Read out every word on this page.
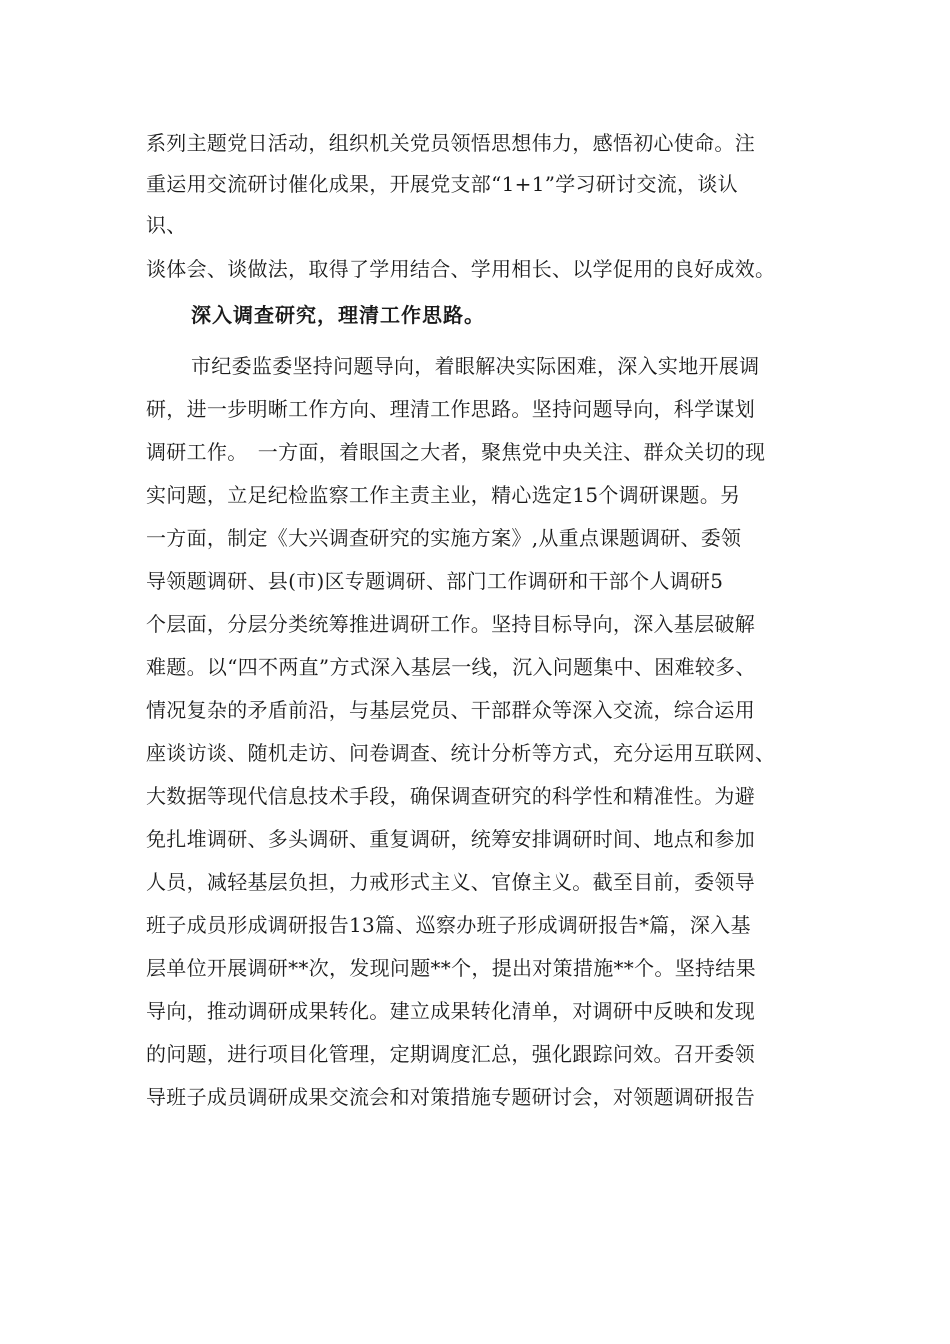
系列主题党日活动，组织机关党员领悟思想伟力，感悟初心使命。注
重运用交流研讨催化成果，开展党支部“1+1”学习研讨交流，谈认
识、
谈体会、谈做法，取得了学用结合、学用相长、以学促用的良好成效。
深入调查研究，理清工作思路。
市纪委监委坚持问题导向，着眼解决实际困难，深入实地开展调
研，进一步明晰工作方向、理清工作思路。坚持问题导向，科学谋划
调研工作。　一方面，着眼国之大者，聚焦党中央关注、群众关切的现
实问题，立足纪检监察工作主责主业，精心选定15个调研课题。另
一方面，制定《大兴调查研究的实施方案》,从重点课题调研、委领
导领题调研、县(市)区专题调研、部门工作调研和干部个人调研5
个层面，分层分类统筹推进调研工作。坚持目标导向，深入基层破解
难题。以“四不两直”方式深入基层一线，沉入问题集中、困难较多、
情况复杂的矛盾前沿，与基层党员、干部群众等深入交流，综合运用
座谈访谈、随机走访、问卷调查、统计分析等方式，充分运用互联网、
大数据等现代信息技术手段，确保调查研究的科学性和精准性。为避
免扎堆调研、多头调研、重复调研，统筹安排调研时间、地点和参加
人员，减轻基层负担，力戒形式主义、官僚主义。截至目前，委领导
班子成员形成调研报告13篇、巡察办班子形成调研报告*篇，深入基
层单位开展调研**次，发现问题**个，提出对策措施**个。坚持结果
导向，推动调研成果转化。建立成果转化清单，对调研中反映和发现
的问题，进行项目化管理，定期调度汇总，强化跟踪问效。召开委领
导班子成员调研成果交流会和对策措施专题研讨会，对领题调研报告
